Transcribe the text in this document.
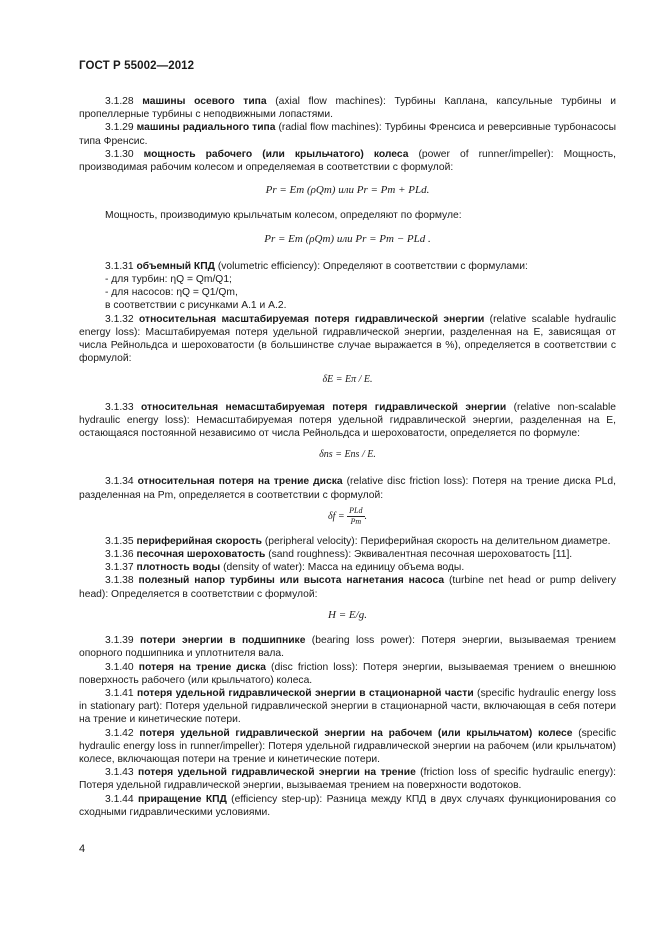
ГОСТ Р 55002—2012

3.1.28 машины осевого типа (axial flow machines): Турбины Каплана, капсульные турбины и пропеллерные турбины с неподвижными лопастями.

3.1.29 машины радиального типа (radial flow machines): Турбины Френсиса и реверсивные турбонасосы типа Френсис.

3.1.30 мощность рабочего (или крыльчатого) колеса (power of runner/impeller): Мощность, производимая рабочим колесом и определяемая в соответствии с формулой:

Pr = Em (ρQm) или Pr = Pm + PLd.

Мощность, производимую крыльчатым колесом, определяют по формуле:

Pr = Em (ρQm) или Pr = Pm − PLd .

3.1.31 объемный КПД (volumetric efficiency): Определяют в соответствии с формулами:

- для турбин: ηQ = Qm/Q1;

- для насосов: ηQ = Q1/Qm,

в соответствии с рисунками А.1 и А.2.

3.1.32 относительная масштабируемая потеря гидравлической энергии (relative scalable hydraulic energy loss): Масштабируемая потеря удельной гидравлической энергии, разделенная на E, зависящая от числа Рейнольдса и шероховатости (в большинстве случае выражается в %), определяется в соответствии с формулой:

δE = Eπ / E.

3.1.33 относительная немасштабируемая потеря гидравлической энергии (relative non-scalable hydraulic energy loss): Немасштабируемая потеря удельной гидравлической энергии, разделенная на E, остающаяся постоянной независимо от числа Рейнольдса и шероховатости, определяется по формуле:

δns = Ens / E.

3.1.34 относительная потеря на трение диска (relative disc friction loss): Потеря на трение диска PLd, разделенная на Pm, определяется в соответствии с формулой:

$\delta f = \frac{\text{PLd}}{Pm}$ .

3.1.35 периферийная скорость (peripheral velocity): Периферийная скорость на делительном диаметре.

3.1.36 песочная шероховатость (sand roughness): Эквивалентная песочная шероховатость [11].

3.1.37 плотность воды (density of water): Масса на единицу объема воды.

3.1.38 полезный напор турбины или высота нагнетания насоса (turbine net head or pump delivery head): Определяется в соответствии с формулой:

H = E/g.

3.1.39 потери энергии в подшипнике (bearing loss power): Потеря энергии, вызываемая трением опорного подшипника и уплотнителя вала.

3.1.40 потеря на трение диска (disc friction loss): Потеря энергии, вызываемая трением о внешнюю поверхность рабочего (или крыльчатого) колеса.

3.1.41 потеря удельной гидравлической энергии в стационарной части (specific hydraulic energy loss in stationary part): Потеря удельной гидравлической энергии в стационарной части, включающая в себя потери на трение и кинетические потери.

3.1.42 потеря удельной гидравлической энергии на рабочем (или крыльчатом) колесе (specific hydraulic energy loss in runner/impeller): Потеря удельной гидравлической энергии на рабочем (или крыльчатом) колесе, включающая потери на трение и кинетические потери.

3.1.43 потеря удельной гидравлической энергии на трение (friction loss of specific hydraulic energy): Потеря удельной гидравлической энергии, вызываемая трением на поверхности водотоков.

3.1.44 приращение КПД (efficiency step-up): Разница между КПД в двух случаях функционирования со сходными гидравлическими условиями.

4
